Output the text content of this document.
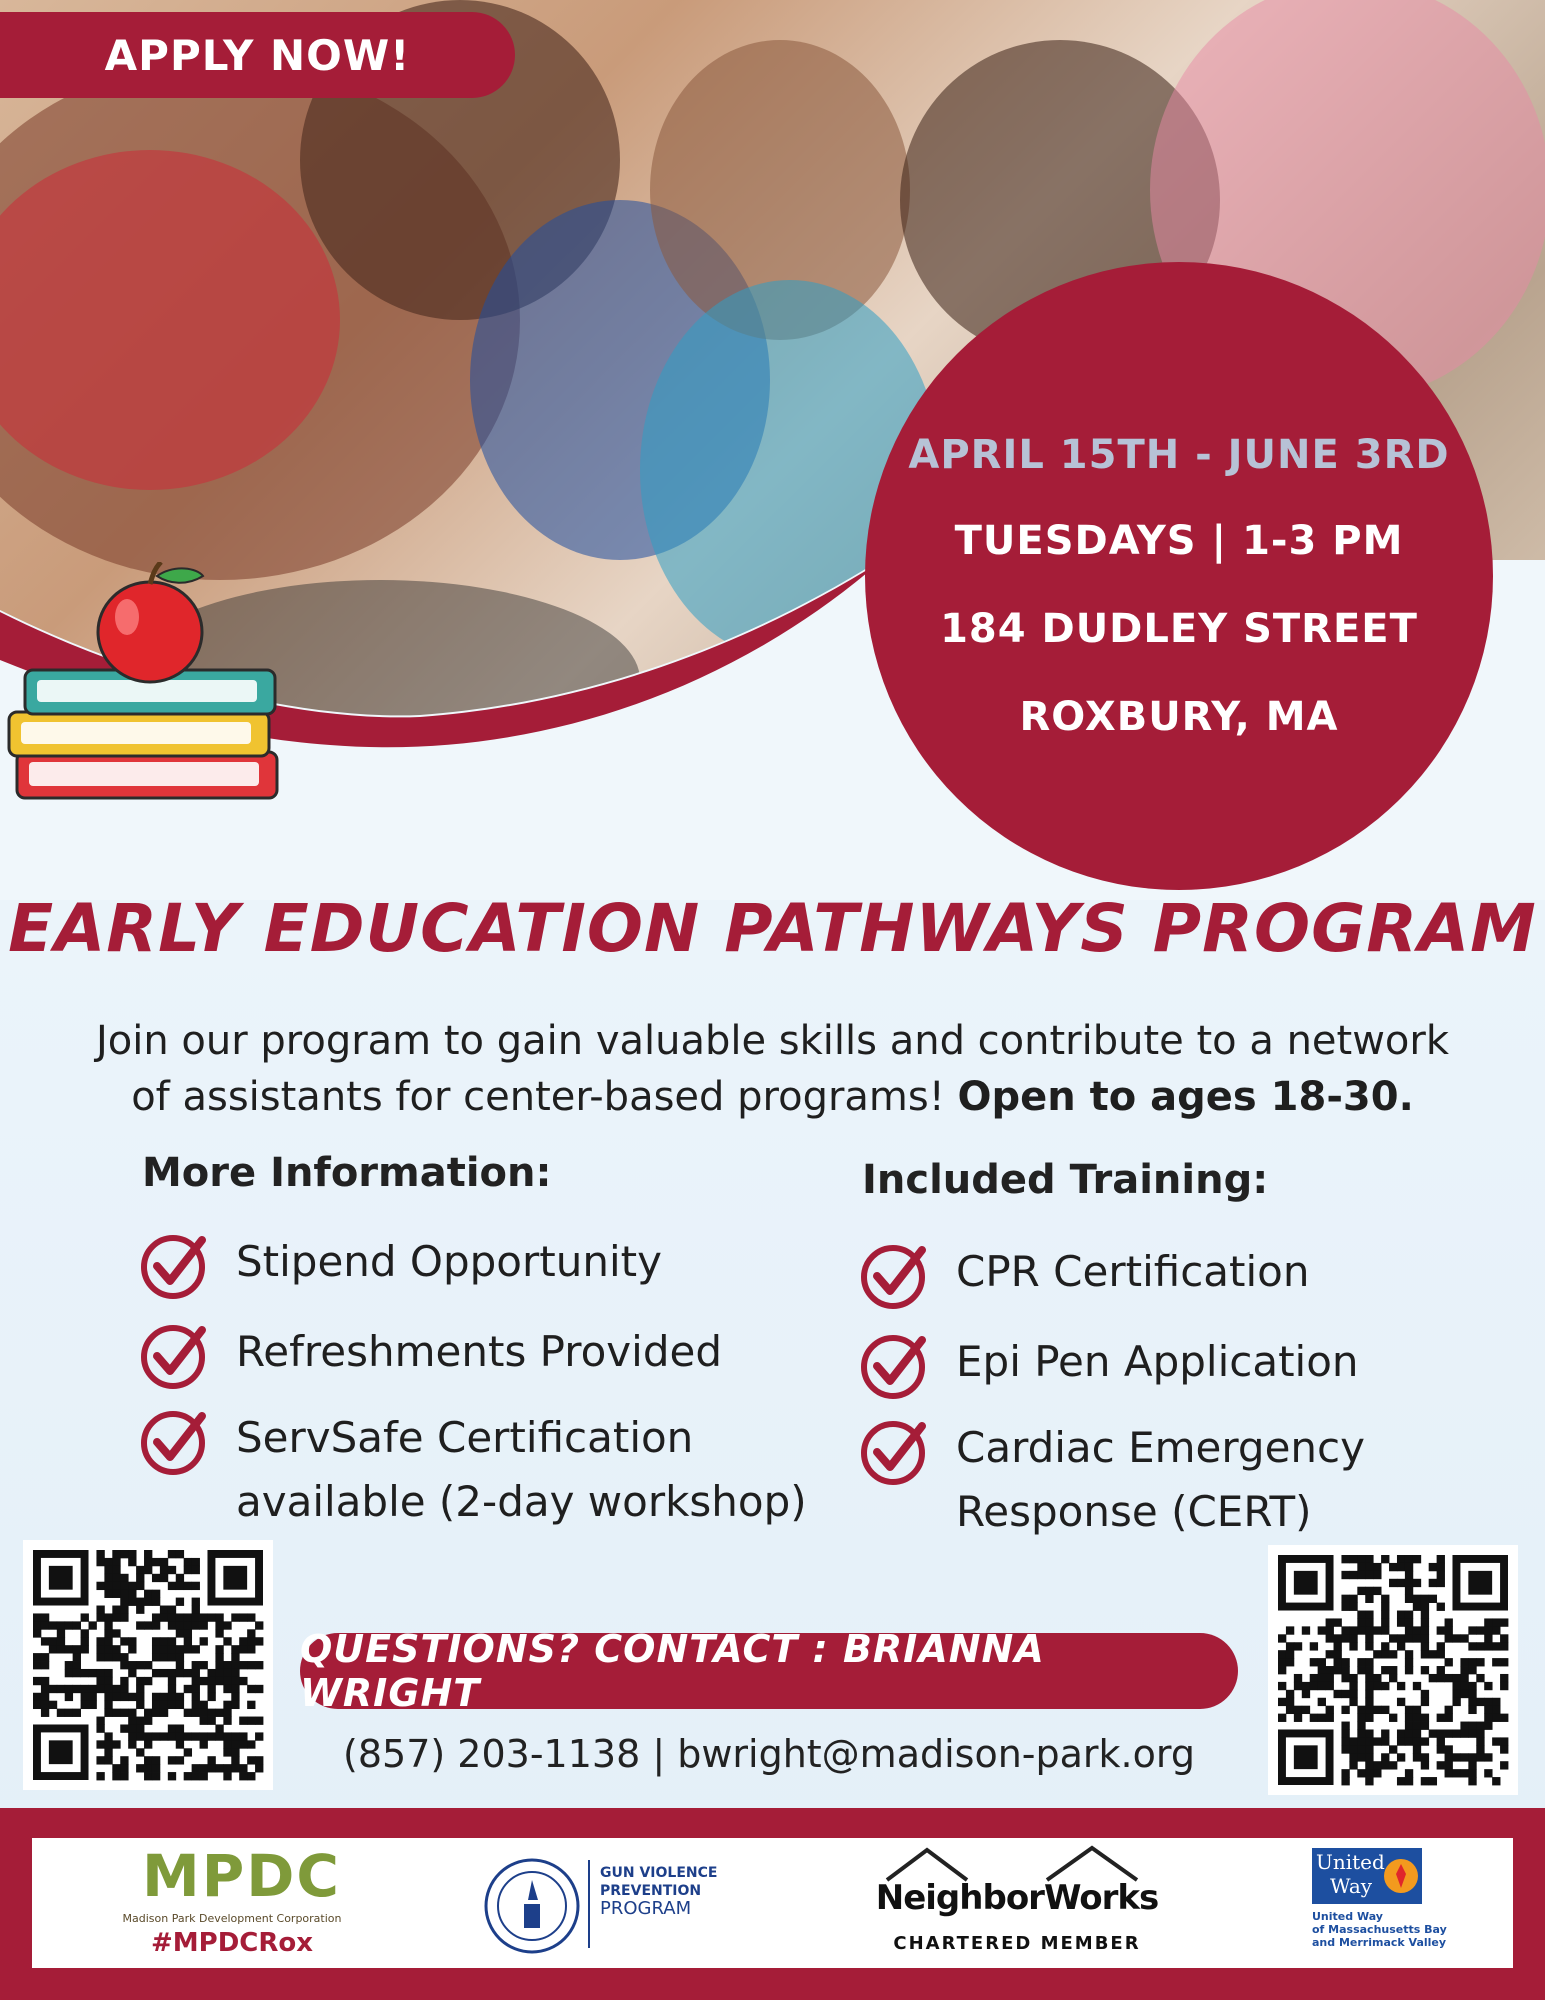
APPLY NOW!
APRIL 15TH - JUNE 3RD
TUESDAYS | 1-3 PM
184 DUDLEY STREET
ROXBURY, MA
EARLY EDUCATION PATHWAYS PROGRAM
Join our program to gain valuable skills and contribute to a network
of assistants for center-based programs! Open to ages 18-30.
More Information:	Included Training:
Stipend Opportunity
Refreshments Provided
ServSafe Certification
available (2-day workshop)
CPR Certification
Epi Pen Application
Cardiac Emergency
Response (CERT)
QUESTIONS? CONTACT : BRIANNA WRIGHT
(857) 203-1138 | bwright@madison-park.org
MPDC
Madison Park Development Corporation
#MPDCRox
GUN VIOLENCE
PREVENTION
PROGRAM	NeighborWorks
CHARTERED MEMBER
United
Way
United Way
of Massachusetts Bay
and Merrimack Valley
